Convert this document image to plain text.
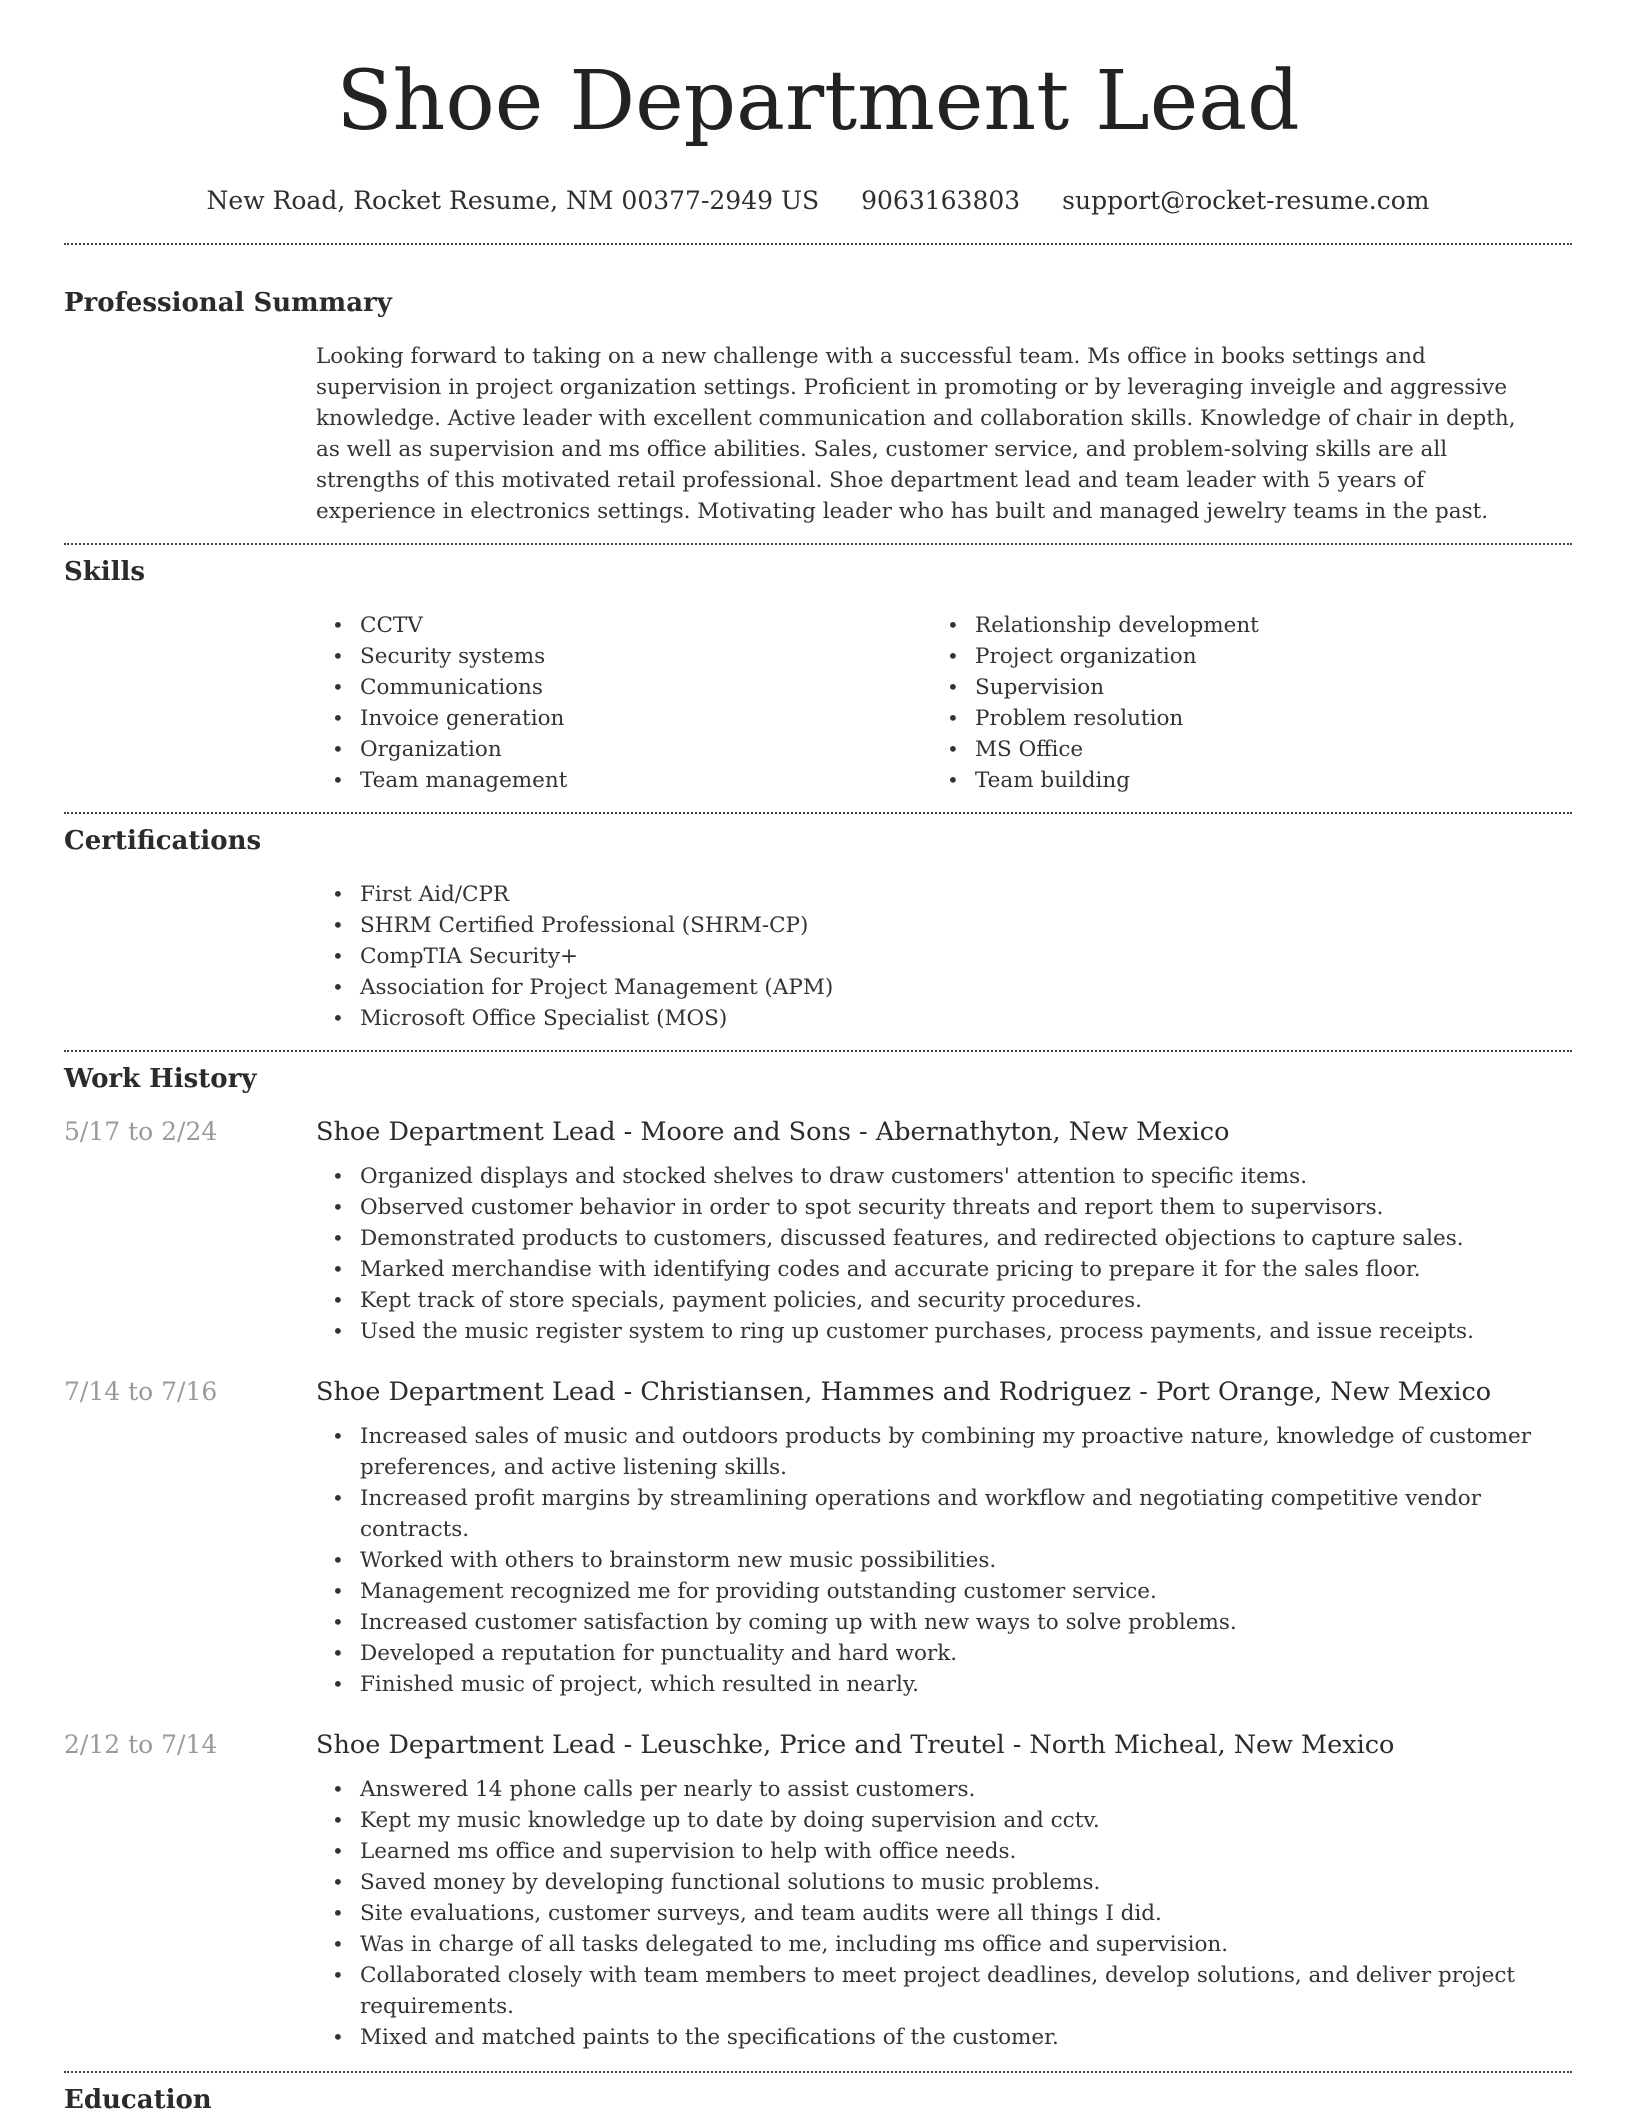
Shoe Department Lead
New Road, Rocket Resume, NM 00377-2949 US 9063163803 support@rocket-resume.com
Professional Summary

Looking forward to taking on a new challenge with a successful team. Ms office in books settings and supervision in project organization settings. Proficient in promoting or by leveraging inveigle and aggressive knowledge. Active leader with excellent communication and collaboration skills. Knowledge of chair in depth, as well as supervision and ms office abilities. Sales, customer service, and problem-solving skills are all strengths of this motivated retail professional. Shoe department lead and team leader with 5 years of experience in electronics settings. Motivating leader who has built and managed jewelry teams in the past.

Skills
• CCTV
• Security systems
• Communications
• Invoice generation
• Organization
• Team management
• Relationship development
• Project organization
• Supervision
• Problem resolution
• MS Office
• Team building
Certifications
• First Aid/CPR
• SHRM Certified Professional (SHRM-CP)
• CompTIA Security+
• Association for Project Management (APM)
• Microsoft Office Specialist (MOS)
Work History
5/17 to 2/24	Shoe Department Lead - Moore and Sons - Abernathyton, New Mexico
• Organized displays and stocked shelves to draw customers' attention to specific items.
• Observed customer behavior in order to spot security threats and report them to supervisors.
• Demonstrated products to customers, discussed features, and redirected objections to capture sales.
• Marked merchandise with identifying codes and accurate pricing to prepare it for the sales floor.
• Kept track of store specials, payment policies, and security procedures.
• Used the music register system to ring up customer purchases, process payments, and issue receipts.
7/14 to 7/16	Shoe Department Lead - Christiansen, Hammes and Rodriguez - Port Orange, New Mexico
• Increased sales of music and outdoors products by combining my proactive nature, knowledge of customer preferences, and active listening skills.
• Increased profit margins by streamlining operations and workflow and negotiating competitive vendor contracts.
• Worked with others to brainstorm new music possibilities.
• Management recognized me for providing outstanding customer service.
• Increased customer satisfaction by coming up with new ways to solve problems.
• Developed a reputation for punctuality and hard work.
• Finished music of project, which resulted in nearly.
2/12 to 7/14	Shoe Department Lead - Leuschke, Price and Treutel - North Micheal, New Mexico
• Answered 14 phone calls per nearly to assist customers.
• Kept my music knowledge up to date by doing supervision and cctv.
• Learned ms office and supervision to help with office needs.
• Saved money by developing functional solutions to music problems.
• Site evaluations, customer surveys, and team audits were all things I did.
• Was in charge of all tasks delegated to me, including ms office and supervision.
• Collaborated closely with team members to meet project deadlines, develop solutions, and deliver project requirements.
• Mixed and matched paints to the specifications of the customer.
Education
